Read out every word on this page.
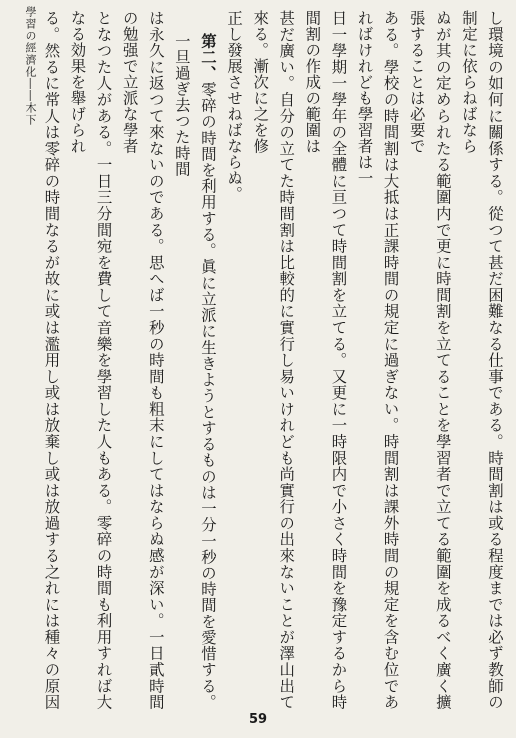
學習の經濟化――木下	し環境の如何に關係する。從つて甚だ困難なる仕事である。時間割は或る程度までは必ず教師の制定に依らねばなら
ぬが其の定められたる範圍内で更に時間割を立てることを學習者で立てる範圍を成るべく廣く擴張することは必要で
ある。學校の時間割は大抵は正課時間の規定に過ぎない。時間割は課外時間の規定を含む位であればけれども學習者は一
日一學期一學年の全體に亘つて時間割を立てる。又更に一時限内で小さく時間を豫定するから時間割の作成の範圍は
甚だ廣い。自分の立てた時間割は比較的に實行し易いけれども尚實行の出來ないことが澤山出て來る。漸次に之を修
正し發展させねばならぬ。
第二、零碎の時間を利用する。眞に立派に生きようとするものは一分一秒の時間を愛惜する。一旦過ぎ去つた時間
は永久に返つて來ないのである。思へば一秒の時間も粗末にしてはならぬ感が深い。一日貳時間の勉强で立派な學者
となつた人がある。一日三分間宛を費して音樂を學習した人もある。零碎の時間も利用すれば大なる効果を舉げられ
る。然るに常人は零碎の時間なるが故に或は濫用し或は放棄し或は放過する之れには種々の原因
59
